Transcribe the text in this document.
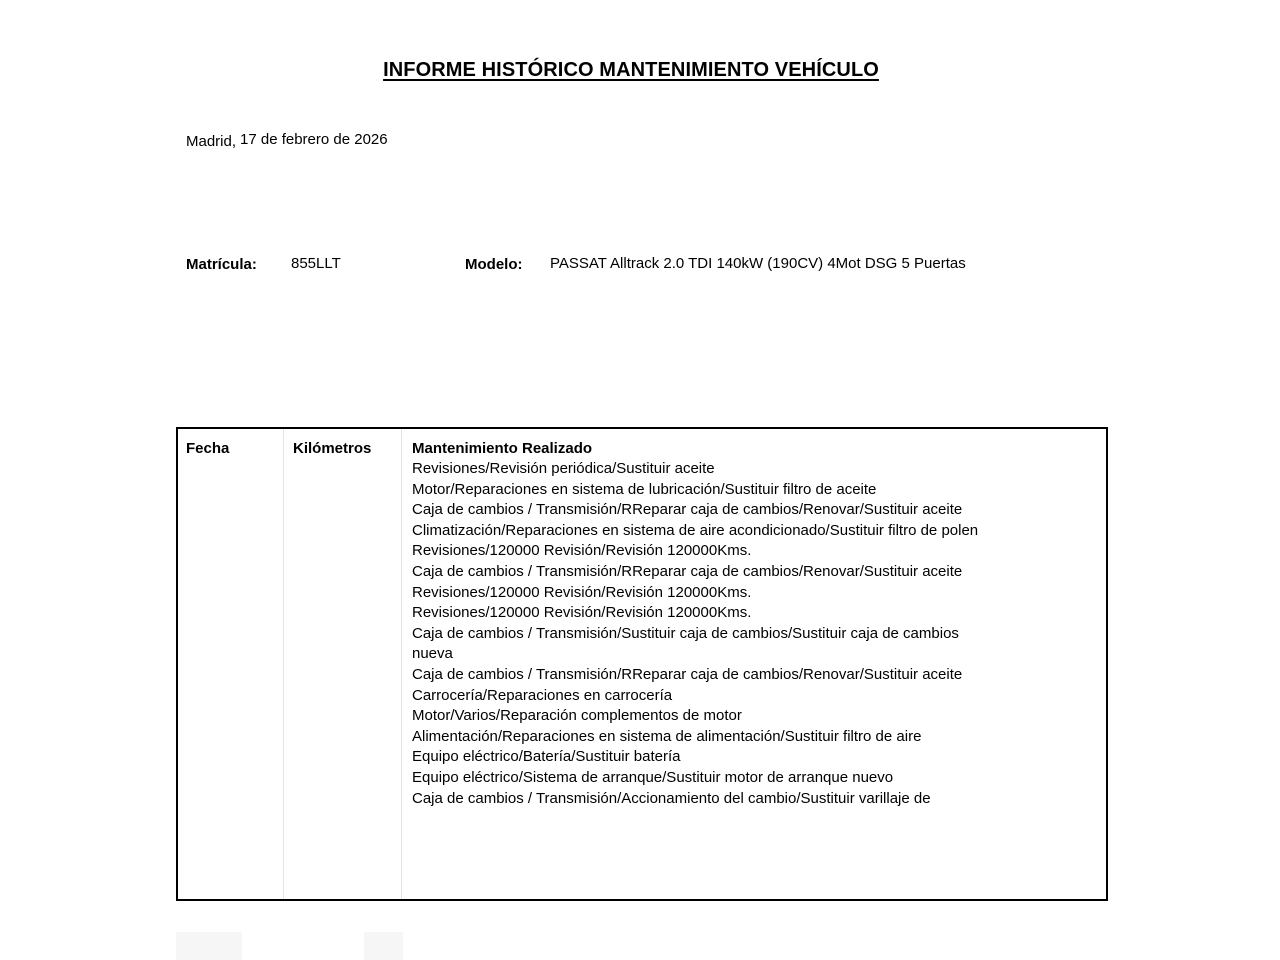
INFORME HISTÓRICO MANTENIMIENTO VEHÍCULO
Madrid, 17 de febrero de 2026
Matrícula: 855LLT	Modelo: PASSAT Alltrack 2.0 TDI 140kW (190CV) 4Mot DSG 5 Puertas
Fecha	Kilómetros	Mantenimiento Realizado

Revisiones/Revisión periódica/Sustituir aceite

Motor/Reparaciones en sistema de lubricación/Sustituir filtro de aceite

Caja de cambios / Transmisión/RReparar caja de cambios/Renovar/Sustituir aceite

Climatización/Reparaciones en sistema de aire acondicionado/Sustituir filtro de polen

Revisiones/120000 Revisión/Revisión 120000Kms.

Caja de cambios / Transmisión/RReparar caja de cambios/Renovar/Sustituir aceite

Revisiones/120000 Revisión/Revisión 120000Kms.

Revisiones/120000 Revisión/Revisión 120000Kms.

Caja de cambios / Transmisión/Sustituir caja de cambios/Sustituir caja de cambios nueva

Caja de cambios / Transmisión/RReparar caja de cambios/Renovar/Sustituir aceite

Carrocería/Reparaciones en carrocería

Motor/Varios/Reparación complementos de motor

Alimentación/Reparaciones en sistema de alimentación/Sustituir filtro de aire

Equipo eléctrico/Batería/Sustituir batería

Equipo eléctrico/Sistema de arranque/Sustituir motor de arranque nuevo

Caja de cambios / Transmisión/Accionamiento del cambio/Sustituir varillaje de
